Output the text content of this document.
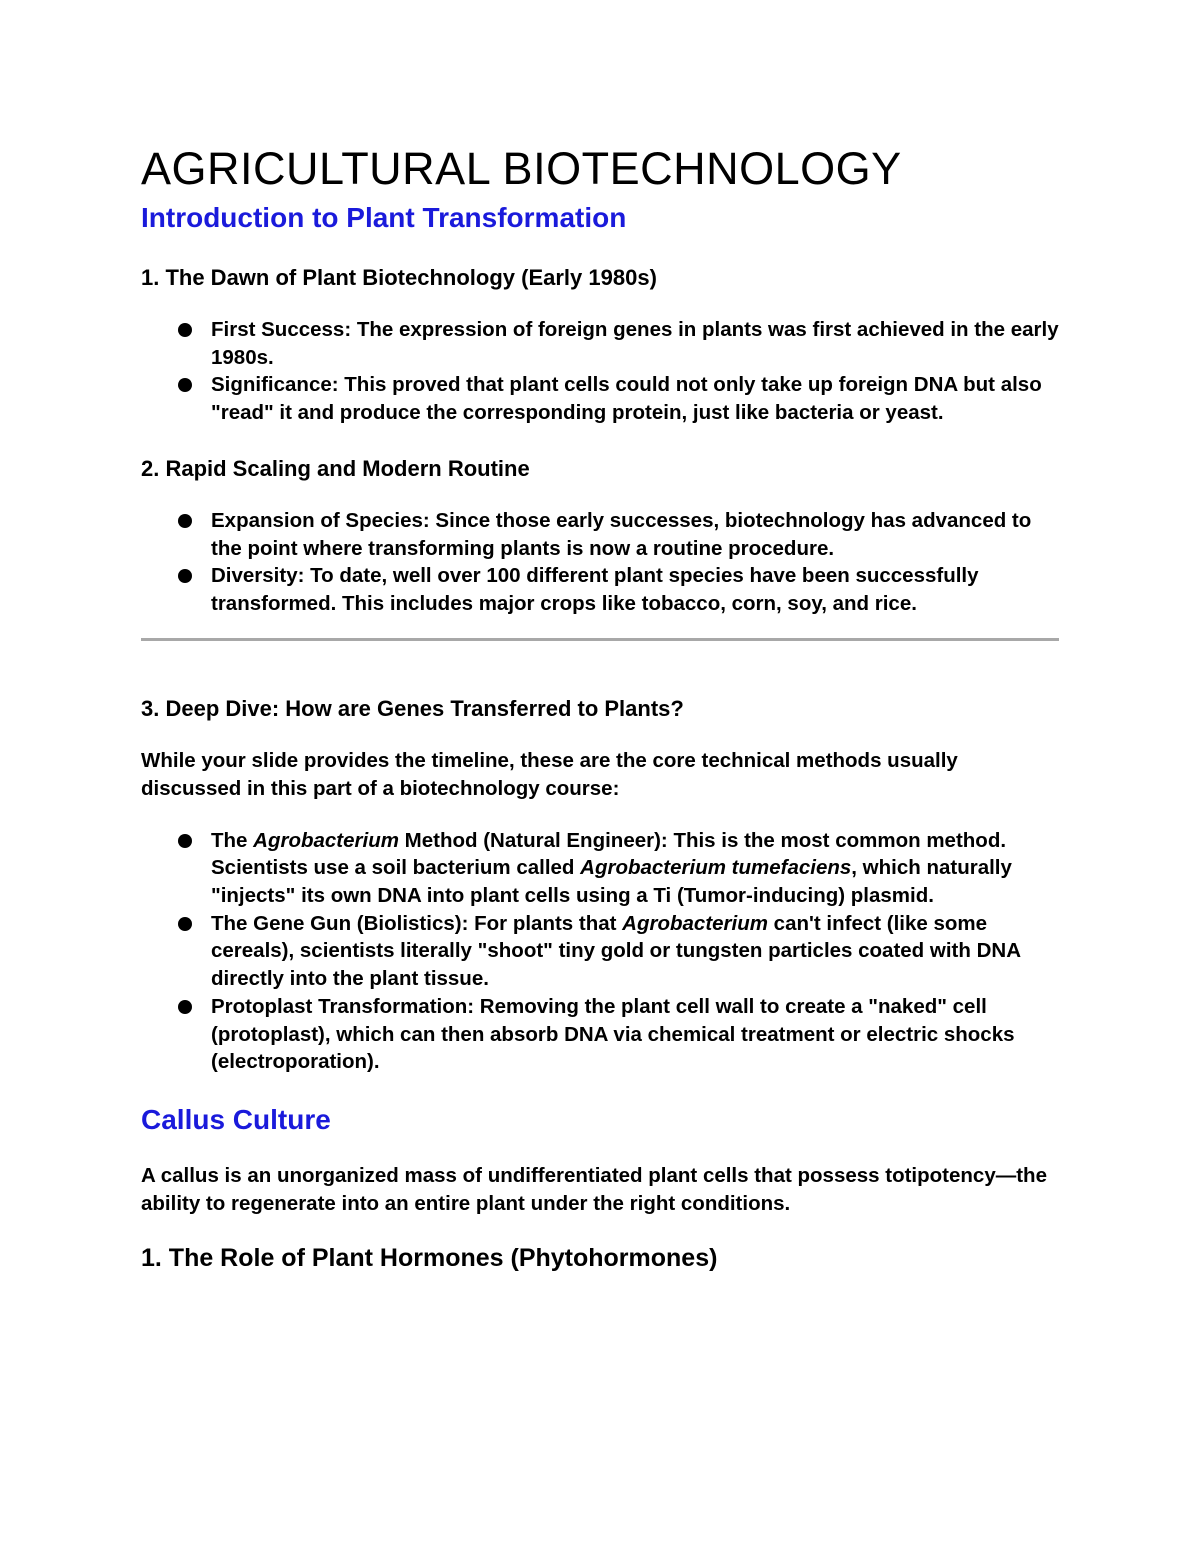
AGRICULTURAL BIOTECHNOLOGY
Introduction to Plant Transformation
1. The Dawn of Plant Biotechnology (Early 1980s)
First Success: The expression of foreign genes in plants was first achieved in the early 1980s.
Significance: This proved that plant cells could not only take up foreign DNA but also "read" it and produce the corresponding protein, just like bacteria or yeast.
2. Rapid Scaling and Modern Routine
Expansion of Species: Since those early successes, biotechnology has advanced to the point where transforming plants is now a routine procedure.
Diversity: To date, well over 100 different plant species have been successfully transformed. This includes major crops like tobacco, corn, soy, and rice.
3. Deep Dive: How are Genes Transferred to Plants?

While your slide provides the timeline, these are the core technical methods usually discussed in this part of a biotechnology course:

The Agrobacterium Method (Natural Engineer): This is the most common method. Scientists use a soil bacterium called Agrobacterium tumefaciens, which naturally "injects" its own DNA into plant cells using a Ti (Tumor-inducing) plasmid.
The Gene Gun (Biolistics): For plants that Agrobacterium can't infect (like some cereals), scientists literally "shoot" tiny gold or tungsten particles coated with DNA directly into the plant tissue.
Protoplast Transformation: Removing the plant cell wall to create a "naked" cell (protoplast), which can then absorb DNA via chemical treatment or electric shocks (electroporation).
Callus Culture

A callus is an unorganized mass of undifferentiated plant cells that possess totipotency—the ability to regenerate into an entire plant under the right conditions.

1. The Role of Plant Hormones (Phytohormones)
